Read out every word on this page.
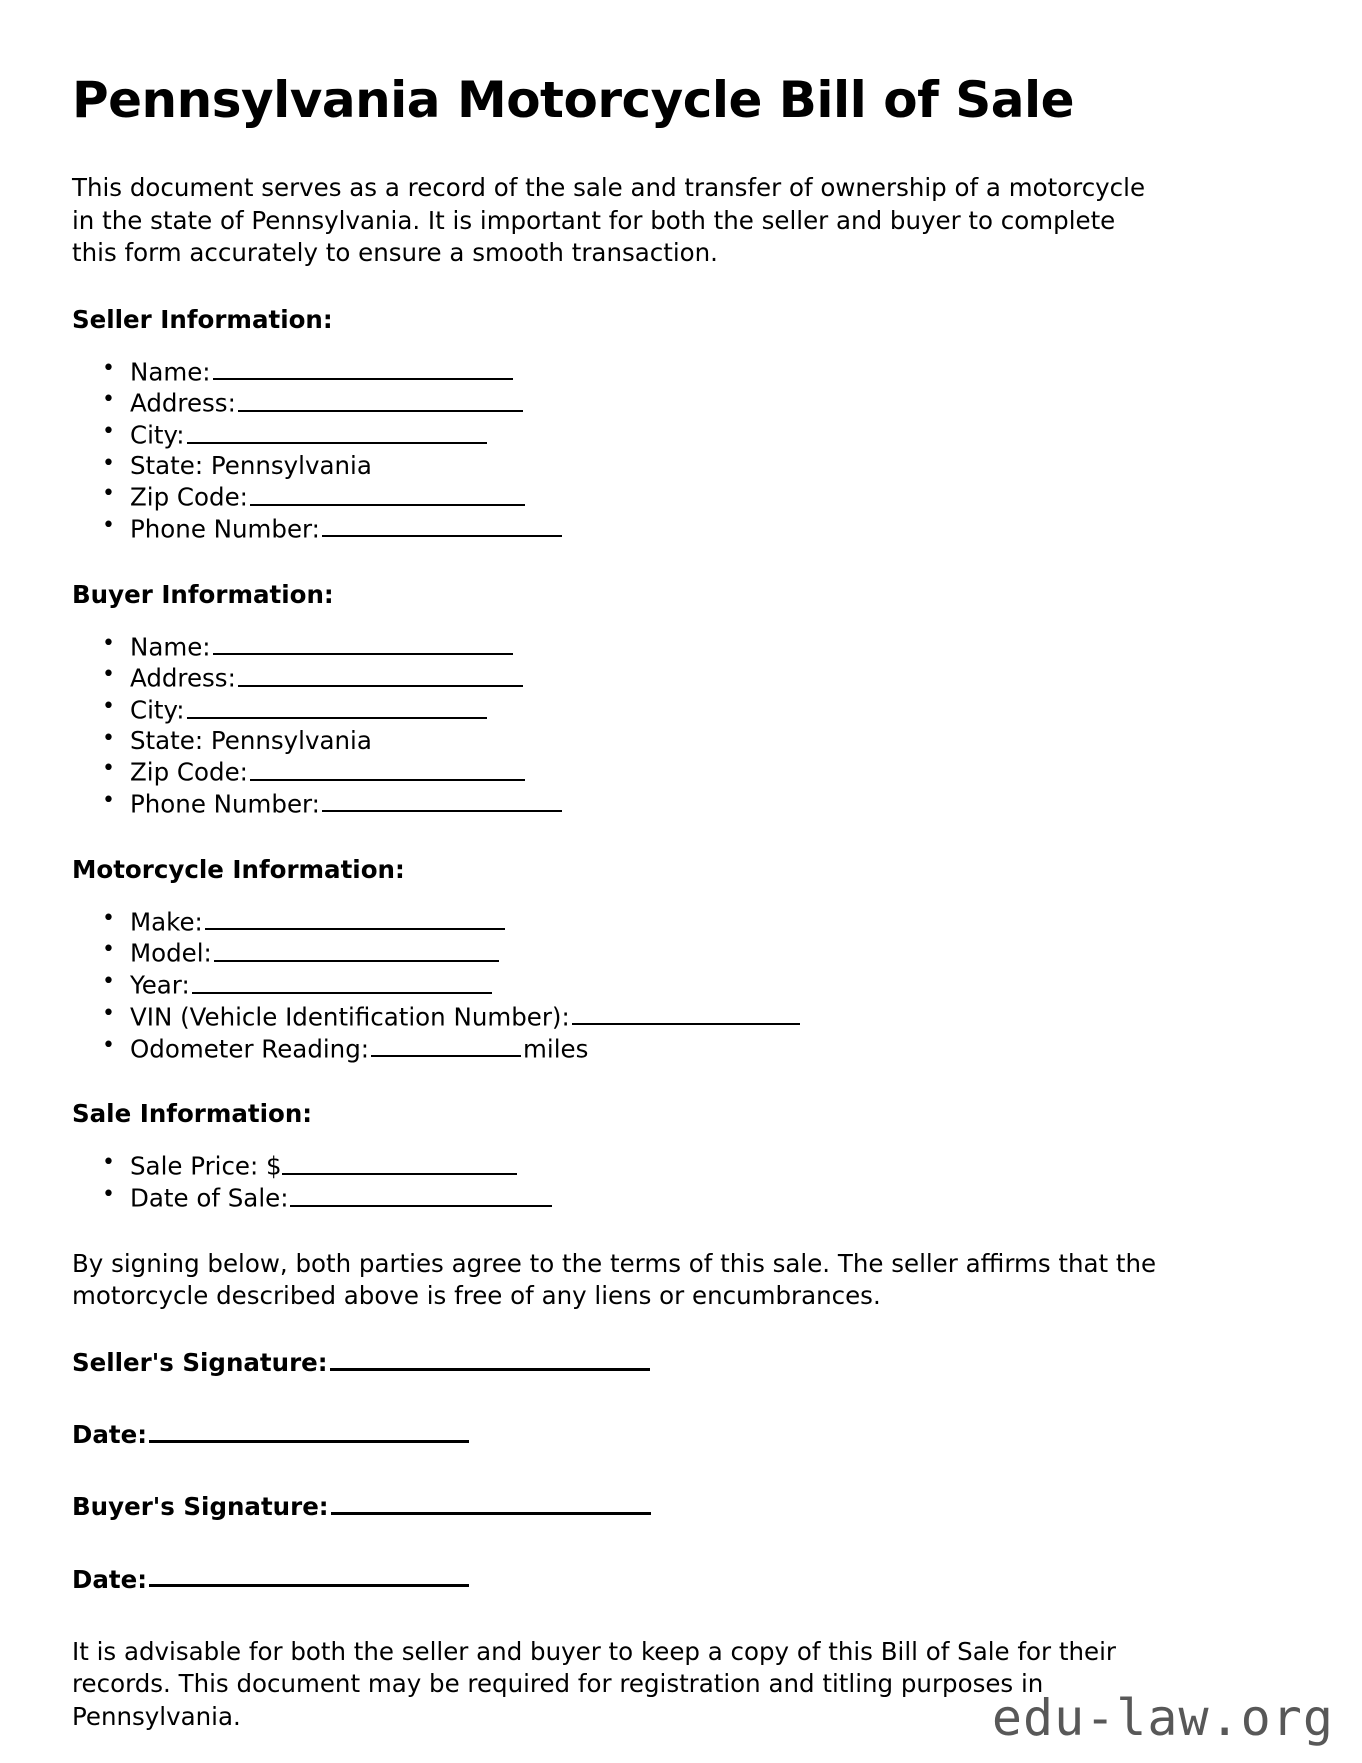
Pennsylvania Motorcycle Bill of Sale

This document serves as a record of the sale and transfer of ownership of a motorcycle in the state of Pennsylvania. It is important for both the seller and buyer to complete this form accurately to ensure a smooth transaction.

Seller Information:
• Name:
• Address:
• City:
• State: Pennsylvania
• Zip Code:
• Phone Number:
Buyer Information:
• Name:
• Address:
• City:
• State: Pennsylvania
• Zip Code:
• Phone Number:
Motorcycle Information:
• Make:
• Model:
• Year:
• VIN (Vehicle Identification Number):
• Odometer Reading:	miles
Sale Information:
• Sale Price: $
• Date of Sale:

By signing below, both parties agree to the terms of this sale. The seller affirms that the motorcycle described above is free of any liens or encumbrances.

Seller's Signature:
Date:
Buyer's Signature:
Date:

It is advisable for both the seller and buyer to keep a copy of this Bill of Sale for their records. This document may be required for registration and titling purposes in Pennsylvania.	edu-law.org
